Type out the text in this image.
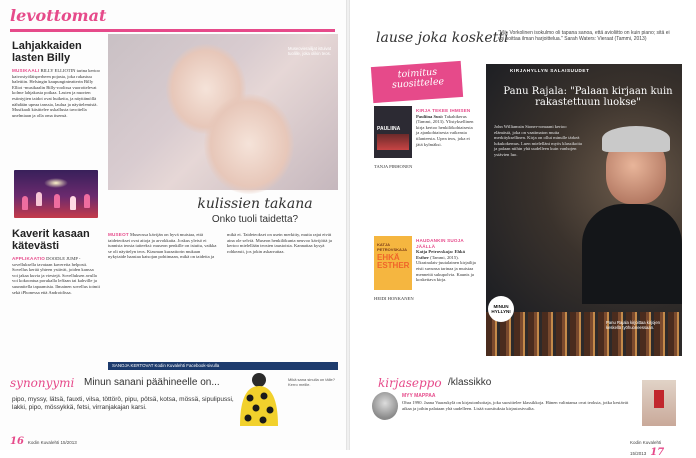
levottomat
Lahjakkaiden lasten Billy
MUSIKAALI BILLY ELLIOTIN tarina kertoo kaivostyöläisperheen pojasta, joka rakastuu balettiin. Helsingin kaupunginteatterin Billy Elliot -musikaalin Billy-roolissa vuorottelevat kolme lahjakasta poikaa. Lasten ja nuorten esiintyjien taidot ovat huikeita, ja näyttämöllä nähdään upeaa tanssia, laulua ja näyttelemistä. Musikaali käsittelee uskallusta tavoitella unelmiaan ja olla oma itsensä.
Kaverit kasaan kätevästi
APPLIKAATIO DOODLE JUMP -sovelluksella tavataan kavereita helposti. Sovellus kerää yhteen ystävät, joiden kanssa voi jakaa kuvia ja viestejä. Sovelluksen avulla voi kokoontua porukalla leffaan tai kahville ja suunnitella tapaamisia. Ilmainen sovellus toimii sekä iPhonessa että Androidissa.
Museovierailijat istuivat tuolille, joka olikin teos.
kulissien takana
Onko tuoli taidetta?
MUSEOT Museossa kävijän on hyvä muistaa, että taideteokset ovat aitoja ja arvokkaita. Joskus yleisö ei tunnista teosta taiteeksi: museon penkille on istuttu, vaikka se oli näyttelyn teos. Kiasman kuraattorin mukaan nykytaide haastaa katsojan pohtimaan, mikä on taidetta ja mikä ei. Taideteokset on usein merkitty, mutta rajat eivät aina ole selviä. Museon henkilökunta neuvoo kävijöitä ja kertoo mielellään teosten taustoista. Kannattaa kysyä rohkeasti, jos jokin askarruttaa.
SANOJA KERTOVAT Kodin Kuvalehti Facebook-sivulla
synonyymi Minun sanani päähineelle on...
pipo, myssy, lätsä, fauxti, vilsa, töttörö, pipu, pötsä, kotsa, mössä, sipulipussi, lakki, pipo, mössykkä, fetsi, virranjakajan karsi.
Mikä sana sinulla on tälle? Kerro meille.
16 Kodin Kuvalehti 15/2013
lause joka kosketti
"Mä, Vorkolinen isokulmo oli tapana sanoa, että avioliitto on kuin piano; sitä ei voi soittaa ilman harjoittelua." Sarah Waters: Vieraat (Tammi, 2013)
toimitus suosittelee
PAULIINA
KIRJA TEKEE IHMISEN
Pauliina Susi: Takahikerus (Tammi, 2013). Ylistyksellinen kirja kertoo henkilökohtaisesta ja ajankohtaisesta vaikeasta tilanteesta. Upea teos, joka ei jätä kylmäksi.
TANJA PIRHONEN
KATJA PETROVSKAJA
EHKÄ ESTHER
HAUDANKIN SUOJA JÄÄLLÄ
Katja Petrovskaja: Ehkä Esther (Tammi, 2015). Ukrainalais-juutalainen kirjailija etsii suvunsa tarinaa ja muistaa menneitä sukupolvia. Kaunis ja koskettava kirja.
HEIDI HONKANEN
KIRJAHYLLYN SALAISUUDET
Panu Rajala: "Palaan kirjaan kuin rakastettuun luokse"
John Williamsin Stoner-romaani kertoo elämästä, joka on vaatimaton mutta merkityksellinen. Kirja on ollut minulle tärkeä lukukokemus. Luen mielelläni myös klassikoita ja palaan niihin yhä uudelleen kuin vanhojen ystävien luo.
MINUN HYLLYNI
Panu Rajala kirjoittaa kirjojen keskellä työhuoneessaan.
kirjaseppo /klassikko
MYY MAPPAA
Ohra 1990. Jaana Vaaraskylä on kirjastonhoitaja, joka suosittelee klassikkoja. Hänen valintansa ovat teoksia, jotka kestävät aikaa ja joihin palataan yhä uudelleen. Lisää suosituksia kirjastosivuilta.
Kodin Kuvalehti 15/2013 17
